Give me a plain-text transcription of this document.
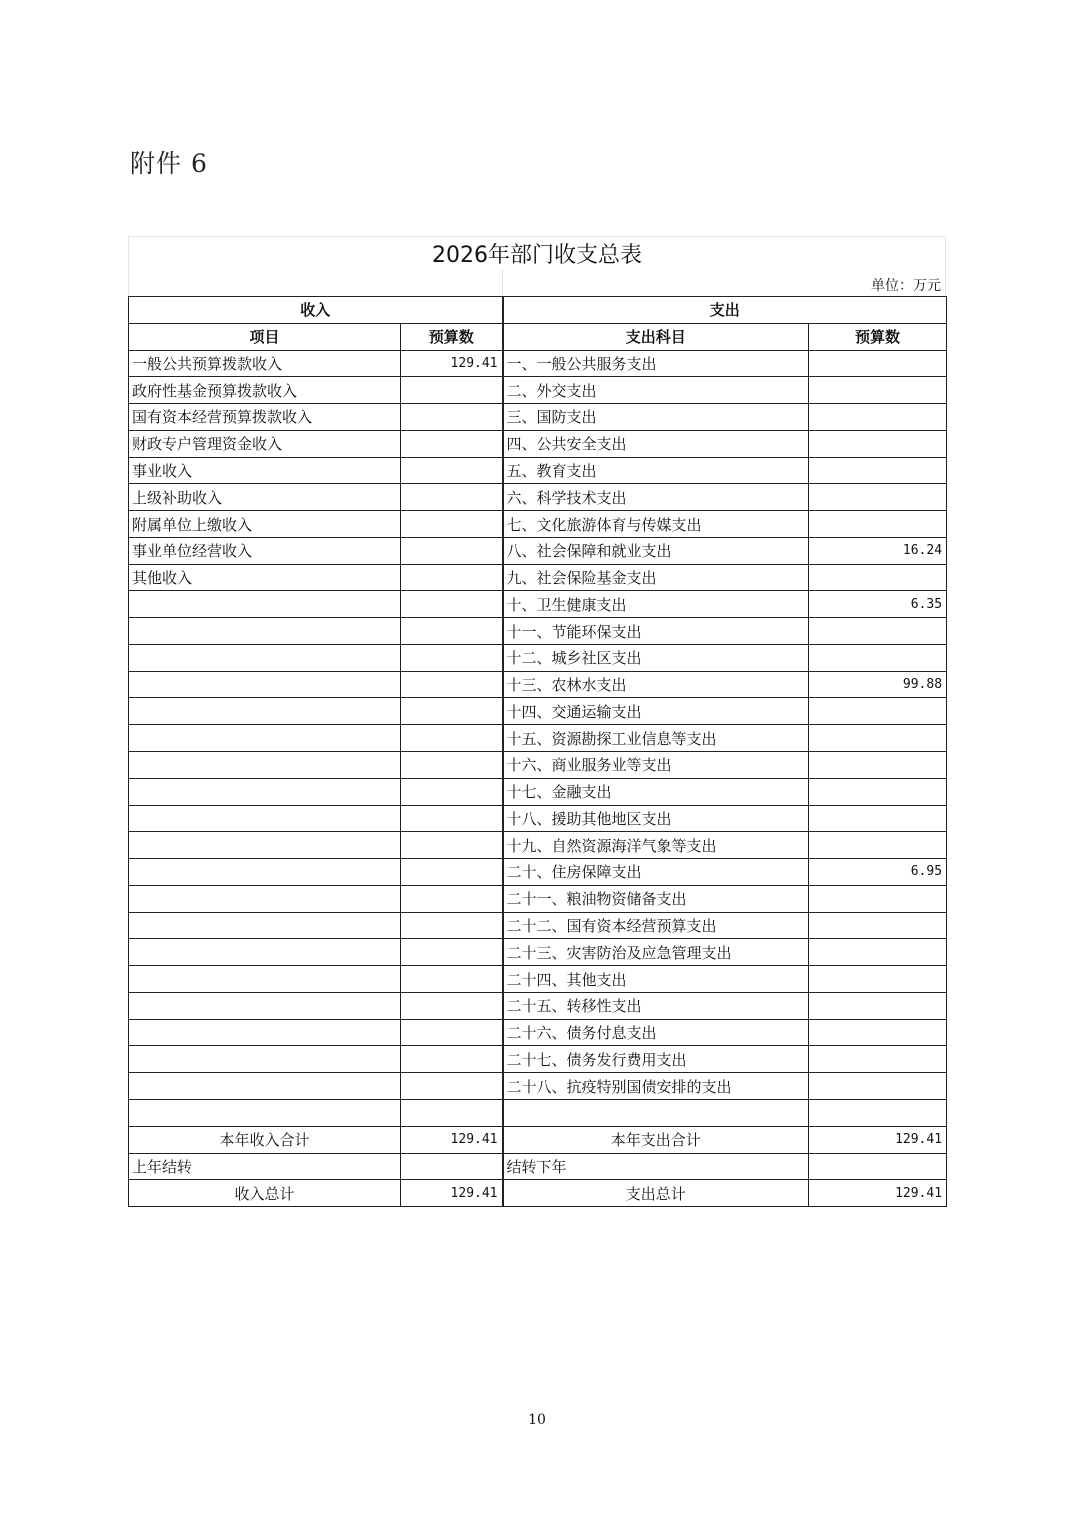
附件 6
2026年部门收支总表
单位：万元
收入		支出	
项目	预算数	支出科目	预算数
一般公共预算拨款收入	129.41	一、一般公共服务支出	
政府性基金预算拨款收入		二、外交支出	
国有资本经营预算拨款收入		三、国防支出	
财政专户管理资金收入		四、公共安全支出	
事业收入		五、教育支出	
上级补助收入		六、科学技术支出	
附属单位上缴收入		七、文化旅游体育与传媒支出	
事业单位经营收入		八、社会保障和就业支出	16.24
其他收入		九、社会保险基金支出	
		十、卫生健康支出	6.35
		十一、节能环保支出	
		十二、城乡社区支出	
		十三、农林水支出	99.88
		十四、交通运输支出	
		十五、资源勘探工业信息等支出	
		十六、商业服务业等支出	
		十七、金融支出	
		十八、援助其他地区支出	
		十九、自然资源海洋气象等支出	
		二十、住房保障支出	6.95
		二十一、粮油物资储备支出	
		二十二、国有资本经营预算支出	
		二十三、灾害防治及应急管理支出	
		二十四、其他支出	
		二十五、转移性支出	
		二十六、债务付息支出	
		二十七、债务发行费用支出	
		二十八、抗疫特别国债安排的支出	

本年收入合计	129.41	本年支出合计	129.41
上年结转		结转下年	
收入总计	129.41	支出总计	129.41
10
